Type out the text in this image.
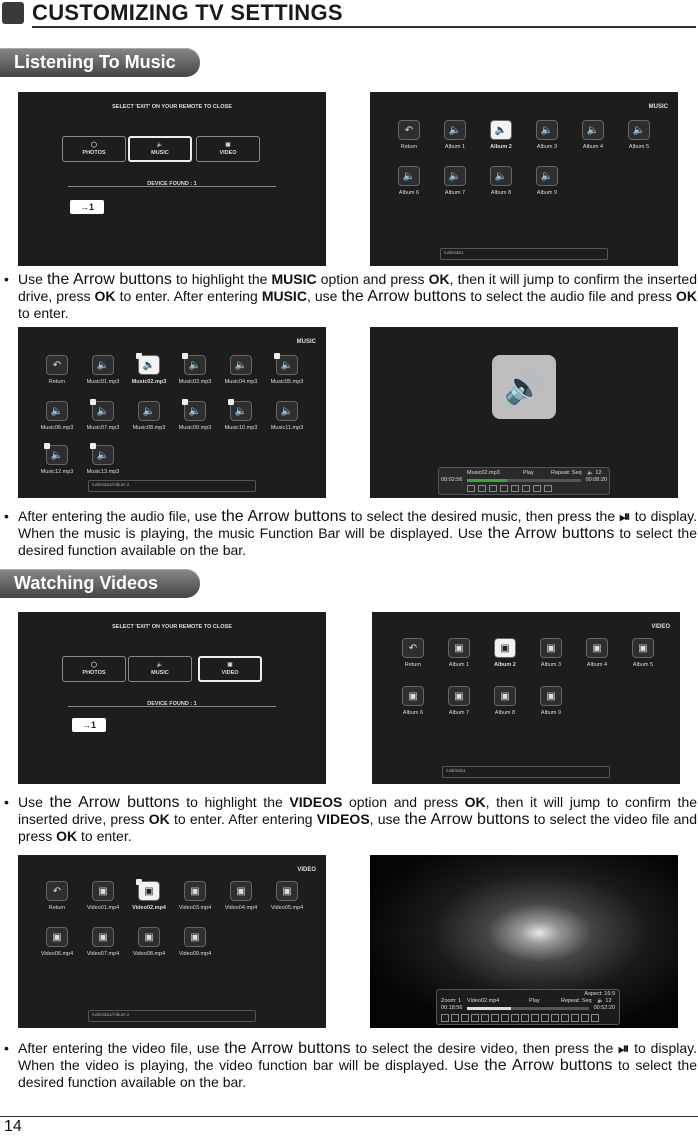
CUSTOMIZING TV SETTINGS
Listening To Music
SELECT 'EXIT' ON YOUR REMOTE TO CLOSE
◯
PHOTOS
🔈
MUSIC
▣
VIDEO
DEVICE FOUND : 1
→ 1
MUSIC
↶
Return
🔈
Album 1
🔈
Album 2
🔈
Album 3
🔈
Album 4
🔈
Album 5
🔈
Album 6
🔈
Album 7
🔈
Album 8
🔈
Album 9
/usb/sda1
• Use the Arrow buttons to highlight the MUSIC option and press OK, then it will jump to confirm the inserted drive, press OK to enter. After entering MUSIC, use the Arrow buttons to select the audio file and press OK to enter.
MUSIC
↶
Return
🔈
Music01.mp3
🔈
Music02.mp3
🔈
Music03.mp3
🔈
Music04.mp3
🔈
Music05.mp3
🔈
Music06.mp3
🔈
Music07.mp3
🔈
Music08.mp3
🔈
Music09.mp3
🔈
Music10.mp3
🔈
Music11.mp3
🔈
Music12.mp3
🔈
Music13.mp3
/usb/sda1/Album 2
🔊
Music02.mp3	Play	Repeat: Seq 🔈 12
00:02:56	00:08:20
• After entering the audio file, use the Arrow buttons to select the desired music, then press the ⏯ to display. When the music is playing, the music Function Bar will be displayed. Use the Arrow buttons to select the desired function available on the bar.
Watching Videos
SELECT 'EXIT' ON YOUR REMOTE TO CLOSE
◯
PHOTOS
🔈
MUSIC
▣
VIDEO
DEVICE FOUND : 1
→ 1
VIDEO
↶
Return
▣
Album 1
▣
Album 2
▣
Album 3
▣
Album 4
▣
Album 5
▣
Album 6
▣
Album 7
▣
Album 8
▣
Album 9
/usb/sda1
• Use the Arrow buttons to highlight the VIDEOS option and press OK, then it will jump to confirm the inserted drive, press OK to enter. After entering VIDEOS, use the Arrow buttons to select the video file and press OK to enter.
VIDEO
↶
Return
▣
Video01.mp4
▣
Video02.mp4
▣
Video03.mp4
▣
Video04.mp4
▣
Video05.mp4
▣
Video06.mp4
▣
Video07.mp4
▣
Video08.mp4
▣
Video09.mp4
/usb/sda1/Album 2
Aspect: 16:9
Zoom: 1 Video02.mp4	Play	Repeat: Seq 🔈 12
00:18:56	00:52:20
• After entering the video file, use the Arrow buttons to select the desire video, then press the ⏯ to display. When the video is playing, the video function bar will be displayed. Use the Arrow buttons to select the desired function available on the bar.
14
